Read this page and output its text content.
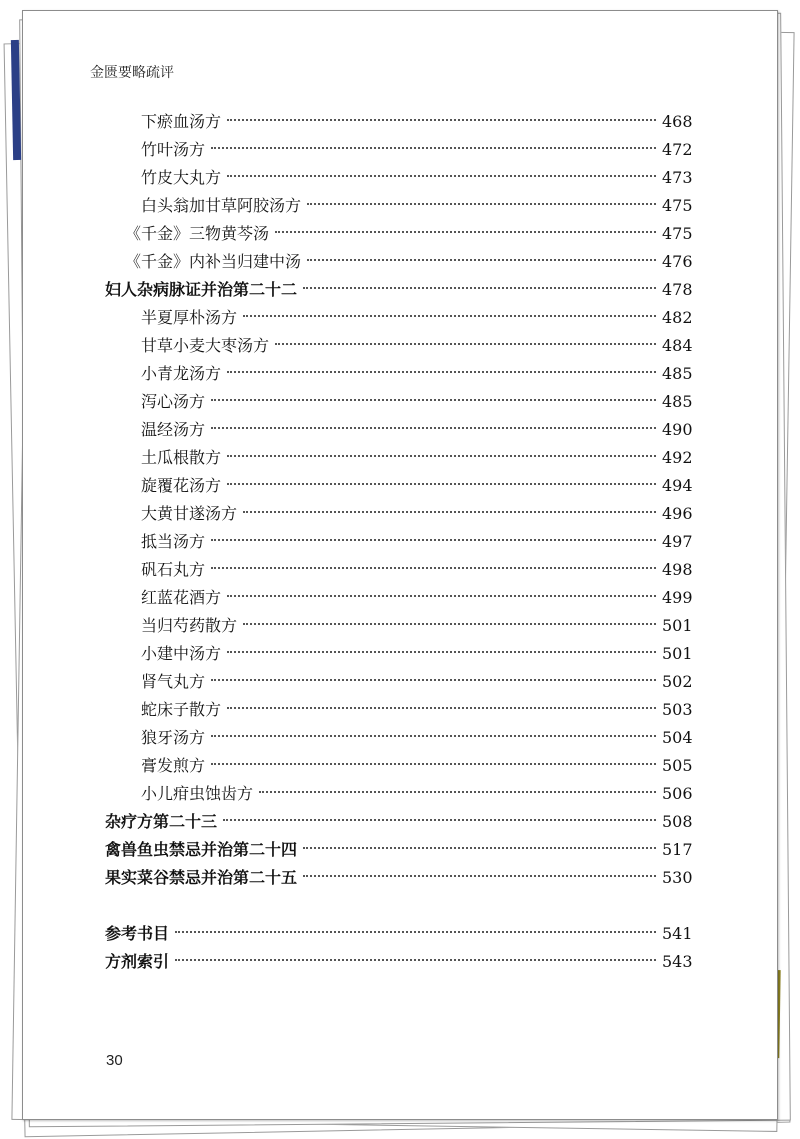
金匮要略疏评

下瘀血汤方	468
竹叶汤方	472
竹皮大丸方	473
白头翁加甘草阿胶汤方	475
《千金》三物黄芩汤	475
《千金》内补当归建中汤	476
妇人杂病脉证并治第二十二	478
半夏厚朴汤方	482
甘草小麦大枣汤方	484
小青龙汤方	485
泻心汤方	485
温经汤方	490
土瓜根散方	492
旋覆花汤方	494
大黄甘遂汤方	496
抵当汤方	497
矾石丸方	498
红蓝花酒方	499
当归芍药散方	501
小建中汤方	501
肾气丸方	502
蛇床子散方	503
狼牙汤方	504
膏发煎方	505
小儿疳虫蚀齿方	506
杂疗方第二十三	508
禽兽鱼虫禁忌并治第二十四	517
果实菜谷禁忌并治第二十五	530
参考书目	541
方剂索引	543
30
